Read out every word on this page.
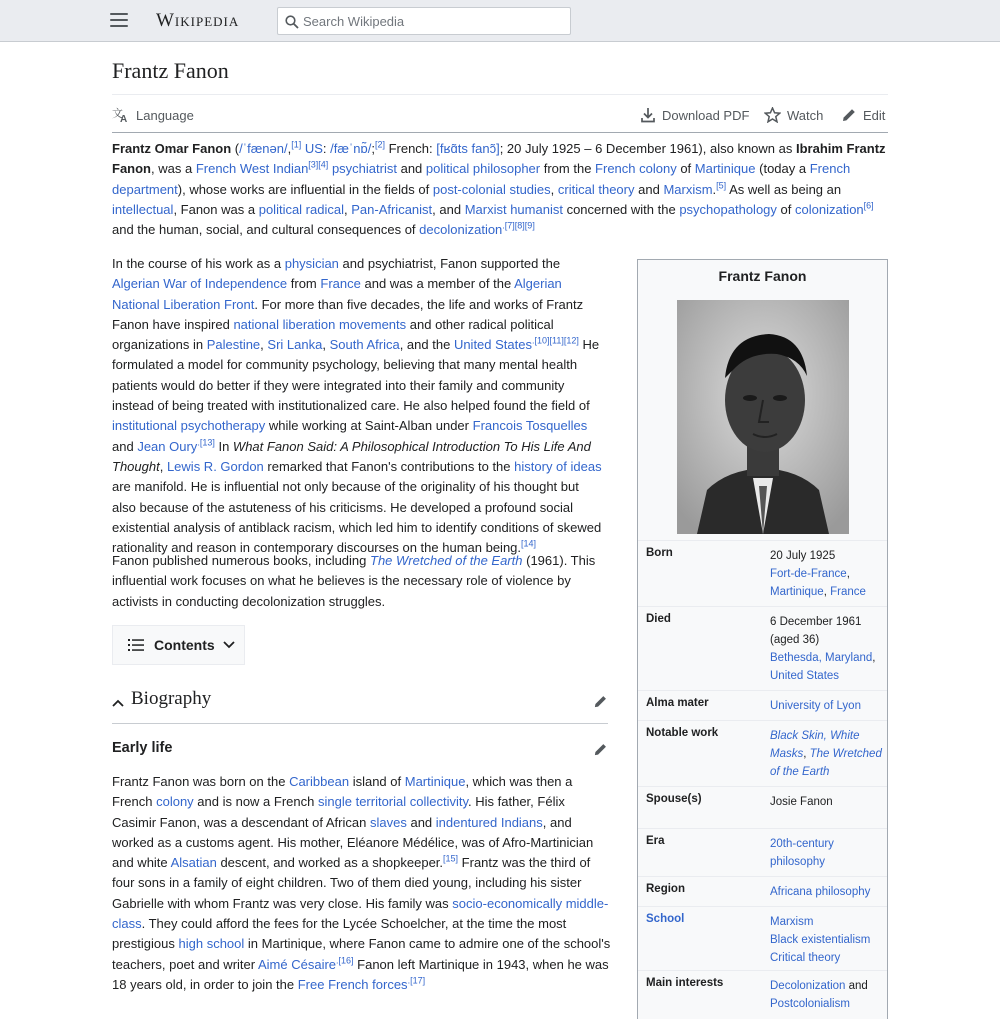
Wikipedia
Search Wikipedia
Frantz Fanon
文
A Language	Download PDF	Watch	Edit

Frantz Omar Fanon (/ˈfænən/,[1] US: /fæˈnɒ̃/;[2] French: [fʁɑ̃ts fanɔ̃]; 20 July 1925 – 6 December 1961), also known as Ibrahim Frantz Fanon, was a French West Indian[3][4] psychiatrist and political philosopher from the French colony of Martinique (today a French department), whose works are influential in the fields of post-colonial studies, critical theory and Marxism.[5] As well as being an intellectual, Fanon was a political radical, Pan-Africanist, and Marxist humanist concerned with the psychopathology of colonization[6] and the human, social, and cultural consequences of decolonization$^{.[7][8][9]}$

In the course of his work as a physician and psychiatrist, Fanon supported the Algerian War of Independence from France and was a member of the Algerian National Liberation Front. For more than five decades, the life and works of Frantz Fanon have inspired national liberation movements and other radical political organizations in Palestine, Sri Lanka, South Africa, and the United States$^{.[10][11][12]}$ He formulated a model for community psychology, believing that many mental health patients would do better if they were integrated into their family and community instead of being treated with institutionalized care. He also helped found the field of institutional psychotherapy while working at Saint-Alban under Francois Tosquelles and Jean Oury$^{.[13]}$ In What Fanon Said: A Philosophical Introduction To His Life And Thought, Lewis R. Gordon remarked that Fanon's contributions to the history of ideas are manifold. He is influential not only because of the originality of his thought but also because of the astuteness of his criticisms. He developed a profound social existential analysis of antiblack racism, which led him to identify conditions of skewed rationality and reason in contemporary discourses on the human being.[14]

Fanon published numerous books, including The Wretched of the Earth (1961). This influential work focuses on what he believes is the necessary role of violence by activists in conducting decolonization struggles.

Contents
Biography
Early life

Frantz Fanon was born on the Caribbean island of Martinique, which was then a French colony and is now a French single territorial collectivity. His father, Félix Casimir Fanon, was a descendant of African slaves and indentured Indians, and worked as a customs agent. His mother, Eléanore Médélice, was of Afro-Martinician and white Alsatian descent, and worked as a shopkeeper.[15] Frantz was the third of four sons in a family of eight children. Two of them died young, including his sister Gabrielle with whom Frantz was very close. His family was socio-economically middle-class. They could afford the fees for the Lycée Schoelcher, at the time the most prestigious high school in Martinique, where Fanon came to admire one of the school's teachers, poet and writer Aimé Césaire$^{.[16]}$ Fanon left Martinique in 1943, when he was 18 years old, in order to join the Free French forces$^{.[17]}$

Frantz Fanon
Born	20 July 1925
Fort-de-France,
Martinique, France
Died	6 December 1961
(aged 36)
Bethesda, Maryland,
United States
Alma mater	University of Lyon
Notable work	Black Skin, White Masks, The Wretched of the Earth
Spouse(s)	Josie Fanon
Era	20th-century philosophy
Region	Africana philosophy
School	Marxism
Black existentialism
Critical theory
Main interests	Decolonization and
Postcolonialism
